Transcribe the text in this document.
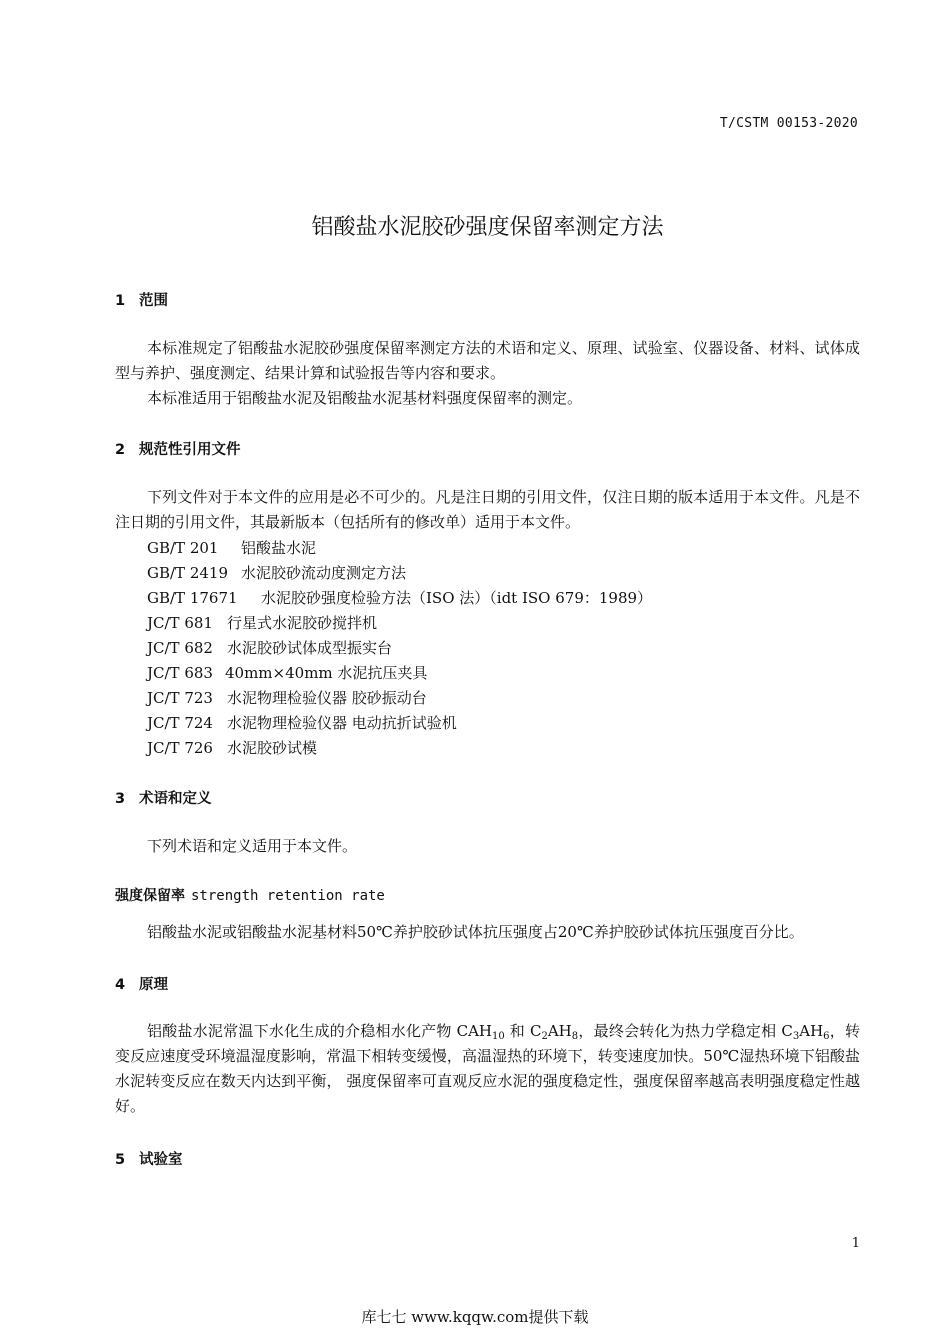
T/CSTM 00153-2020
铝酸盐水泥胶砂强度保留率测定方法
1 范围
本标准规定了铝酸盐水泥胶砂强度保留率测定方法的术语和定义、原理、试验室、仪器设备、材料、试体成型与养护、强度测定、结果计算和试验报告等内容和要求。
本标准适用于铝酸盐水泥及铝酸盐水泥基材料强度保留率的测定。
2 规范性引用文件
下列文件对于本文件的应用是必不可少的。凡是注日期的引用文件，仅注日期的版本适用于本文件。凡是不注日期的引用文件，其最新版本（包括所有的修改单）适用于本文件。
GB/T 201 铝酸盐水泥
GB/T 2419 水泥胶砂流动度测定方法
GB/T 17671 水泥胶砂强度检验方法（ISO 法）（idt ISO 679：1989）
JC/T 681 行星式水泥胶砂搅拌机
JC/T 682 水泥胶砂试体成型振实台
JC/T 683 40mm×40mm 水泥抗压夹具
JC/T 723 水泥物理检验仪器 胶砂振动台
JC/T 724 水泥物理检验仪器 电动抗折试验机
JC/T 726 水泥胶砂试模
3 术语和定义
下列术语和定义适用于本文件。
强度保留率 strength retention rate
铝酸盐水泥或铝酸盐水泥基材料50℃养护胶砂试体抗压强度占20℃养护胶砂试体抗压强度百分比。
4 原理
铝酸盐水泥常温下水化生成的介稳相水化产物 $CAH_{10}$ 和 $C_2AH_8$，最终会转化为热力学稳定相 $C_3AH_6$，转变反应速度受环境温湿度影响，常温下相转变缓慢，高温湿热的环境下，转变速度加快。50℃湿热环境下铝酸盐水泥转变反应在数天内达到平衡， 强度保留率可直观反应水泥的强度稳定性，强度保留率越高表明强度稳定性越好。
5 试验室
1
库七七 www.kqqw.com提供下载
